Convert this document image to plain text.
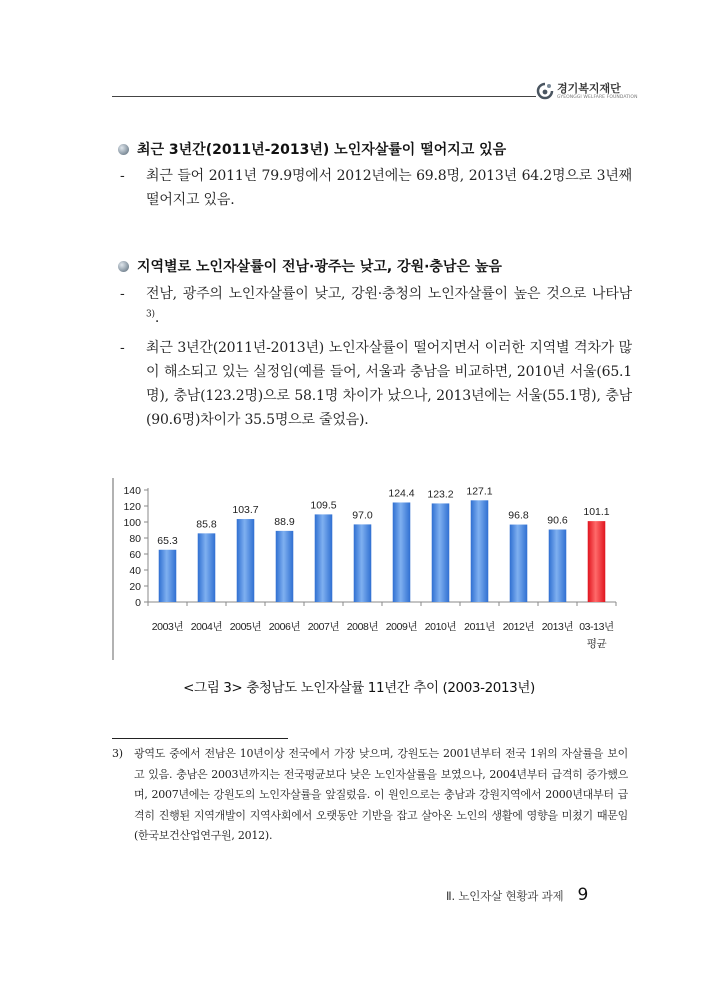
경기복지재단
GYEONGGI WELFARE FOUNDATION
최근 3년간(2011년-2013년) 노인자살률이 떨어지고 있음
- 최근 들어 2011년 79.9명에서 2012년에는 69.8명, 2013년 64.2명으로 3년째 떨어지고 있음.
지역별로 노인자살률이 전남·광주는 낮고, 강원·충남은 높음
- 전남, 광주의 노인자살률이 낮고, 강원·충청의 노인자살률이 높은 것으로 나타남$^{3)}$.
- 최근 3년간(2011년-2013년) 노인자살률이 떨어지면서 이러한 지역별 격차가 많이 해소되고 있는 실정임(예를 들어, 서울과 충남을 비교하면, 2010년 서울(65.1명), 충남(123.2명)으로 58.1명 차이가 났으나, 2013년에는 서울(55.1명), 충남(90.6명)차이가 35.5명으로 줄었음).
0
20
40
60
80
100
120
140
65.3
2003년
85.8
2004년
103.7
2005년
88.9
2006년
109.5
2007년
97.0
2008년
124.4
2009년
123.2
2010년
127.1
2011년
96.8
2012년
90.6
2013년
101.1
03-13년
평균
<그림 3> 충청남도 노인자살률 11년간 추이 (2003-2013년)
3) 광역도 중에서 전남은 10년이상 전국에서 가장 낮으며, 강원도는 2001년부터 전국 1위의 자살률을 보이고 있음. 충남은 2003년까지는 전국평균보다 낮은 노인자살률을 보였으나, 2004년부터 급격히 증가했으며, 2007년에는 강원도의 노인자살률을 앞질렀음. 이 원인으로는 충남과 강원지역에서 2000년대부터 급격히 진행된 지역개발이 지역사회에서 오랫동안 기반을 잡고 살아온 노인의 생활에 영향을 미쳤기 때문임(한국보건산업연구원, 2012).
Ⅱ. 노인자살 현황과 과제 9
